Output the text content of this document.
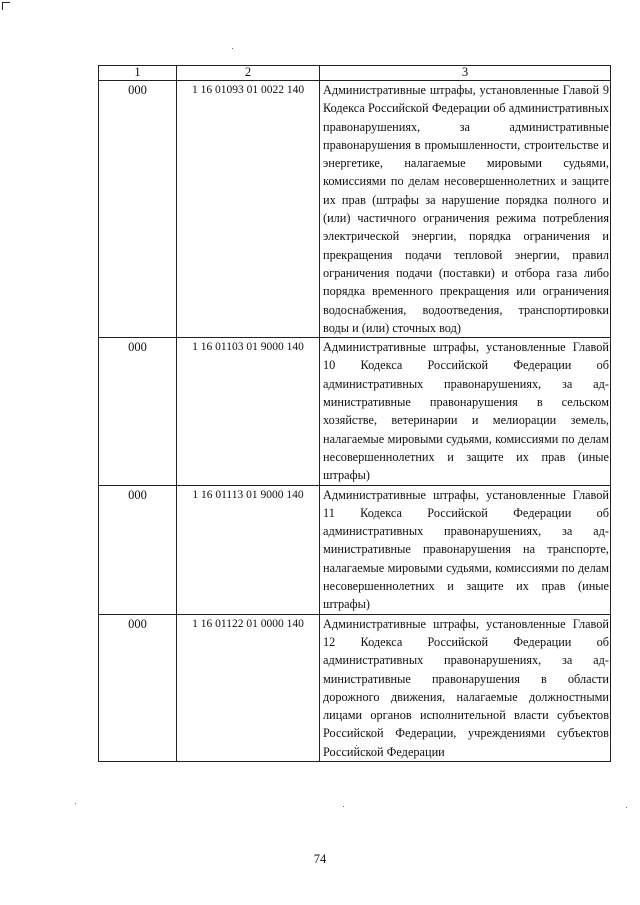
1	2	3
000	1 16 01093 01 0022 140	Административные штрафы, установленные Главой 9 Кодекса Российской Федерации об административных правонарушениях, за административные правонарушения в промышленности, строительстве и энергетике, налагаемые мировыми судьями, комиссиями по делам несовершеннолетних и защите их прав (штрафы за нарушение порядка полного и (или) частичного ограничения режима потребления электрической энергии, порядка ограничения и прекращения подачи тепловой энергии, правил ограничения подачи (поставки) и отбора газа либо порядка временного прекращения или ограничения водоснабжения, водоотведения, транспортировки воды и (или) сточных вод)

000	1 16 01103 01 9000 140	Административные штрафы, установленные Главой 10 Кодекса Российской Федерации об административных правонарушениях, за административные правонарушения в сельском хозяйстве, ветеринарии и мелиорации земель, налагаемые мировыми судьями, комиссиями по делам несовершеннолетних и защите их прав (иные штрафы)

000	1 16 01113 01 9000 140	Административные штрафы, установленные Главой 11 Кодекса Российской Федерации об административных правонарушениях, за административные правонарушения на транспорте, налагаемые мировыми судьями, комиссиями по делам несовершеннолетних и защите их прав (иные штрафы)

000	1 16 01122 01 0000 140	Административные штрафы, установленные Главой 12 Кодекса Российской Федерации об административных правонарушениях, за административные правонарушения в области дорожного движения, налагаемые должностными лицами органов исполнительной власти субъектов Российской Федерации, учреждениями субъектов Российской Федерации
74
